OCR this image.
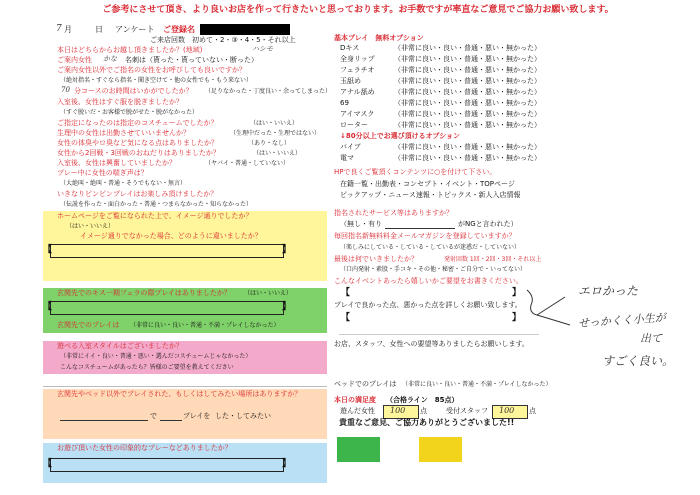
ご参考にさせて頂き、より良いお店を作って行きたいと思っております。お手数ですが率直なご意見でご協力お願い致します。
7 月	日 アンケート ご登録名
ご来店回数　初めて・2・③・4・5・それ以上
本日はどちらからお越し頂きましたか？(地域)	ハシモ
ご案内女性 かな 名刺は（貰った・貰っていない・断った）
ご案内女性以外でご指名の女性をお呼びしても良いですか？
（絶対指名・すぐなら指名・聞き空けて・他の女性でも・もう来ない）
70 分コースのお時間はいかがでしたか？ （足りなかった・丁度良い・余ってしまった）
入室後、女性はすぐ服を脱ぎましたか？
（すぐ脱いだ・お客様で脱がせた・脱がなかった）
ご指定になったのは指定のコスチュームでしたか？	（はい・いいえ）
生理中の女性は出勤させていいませんか？	（生理中だった・生理ではない）
女性の体臭やロ臭など気になる点はありましたか？	（あり・なし）
女性から2回戦・3回戦のおねだりはありましたか？	（はい・いいえ）
入室後、女性は興奮していましたか？	（ヤバイ・普通・していない）
プレー中に女性の喘ぎ声は？
（大絶叫・絶叫・普通・そうでもない・無言）
いきなりピンピンプレイはお楽しみ頂けましたか？
（伝説を作った・面白かった・普通・つまらなかった・知らなかった）
ホームページをご覧になられた上で、イメージ通りでしたか？
（はい・いいえ）
イメージ通りでなかった場合、どのように違いましたか？
【	】
玄関先でのキス一期フェラの際プレイはありましたか？ （はい・いいえ）
【	】
玄関先でのプレイは （非常に良い・良い・普通・不満・プレイしなかった）
遊べる入室スタイルはございましたか？
（非常にイイ・良い・普通・悪い・選んだコスチュームじゃなかった）
こんなコスチュームがあったら？皆様のご要望を教えてください
玄関先やベッド以外でプレイされた、もしくはしてみたい場所はありますか？
で	プレイを した・してみたい
お遊び頂いた女性の印象的なプレーなどありましたか？
【	】
基本プレイ　無料オプション
Dキス	（非常に良い・良い・普通・悪い・無かった）
全身リップ	（非常に良い・良い・普通・悪い・無かった）
フェラチオ	（非常に良い・良い・普通・悪い・無かった）
玉舐め	（非常に良い・良い・普通・悪い・無かった）
アナル舐め	（非常に良い・良い・普通・悪い・無かった）
69	（非常に良い・良い・普通・悪い・無かった）
アイマスク	（非常に良い・良い・普通・悪い・無かった）
ローター	（非常に良い・良い・普通・悪い・無かった）
↓80分以上でお選び頂けるオプション
バイブ	（非常に良い・良い・普通・悪い・無かった）
電マ	（非常に良い・良い・普通・悪い・無かった）
HPで良くご覧頂くコンテンツに○を付けて下さい。
在籍一覧・出勤表・コンセプト・イベント・TOPページ
ピックアップ・ニュース速報・トピックス・新人入店情報
指名されたサービス等はありますか？
（無し・有り	がNGと言われた）
毎回指名新無料料金メールマガジンを登録していますか？
（楽しみにしている・している・しているが迷惑だ・していない）
最後は何でいきましたか？	発射回数 1回・2回・3回・それ以上
（口内発射・素股・手コキ・その他・秘密・ご自分で・いってない）
こんなイベントあったら嬉しいかご要望をお書きください。
【	】
プレイで良かった点、悪かった点を詳しくお願い致します。
【	】
お店、スタッフ、女性への要望等ありましたらお願いします。
ベッドでのプレイは （非常に良い・良い・普通・不満・プレイしなかった）
本日の満足度 （合格ライン　85点）
遊んだ女性 100 点	受付スタッフ 100 点
貴重なご意見、ご協力ありがとうございました!!
エロかった
せっかくく小生が
出て
すごく良い。
